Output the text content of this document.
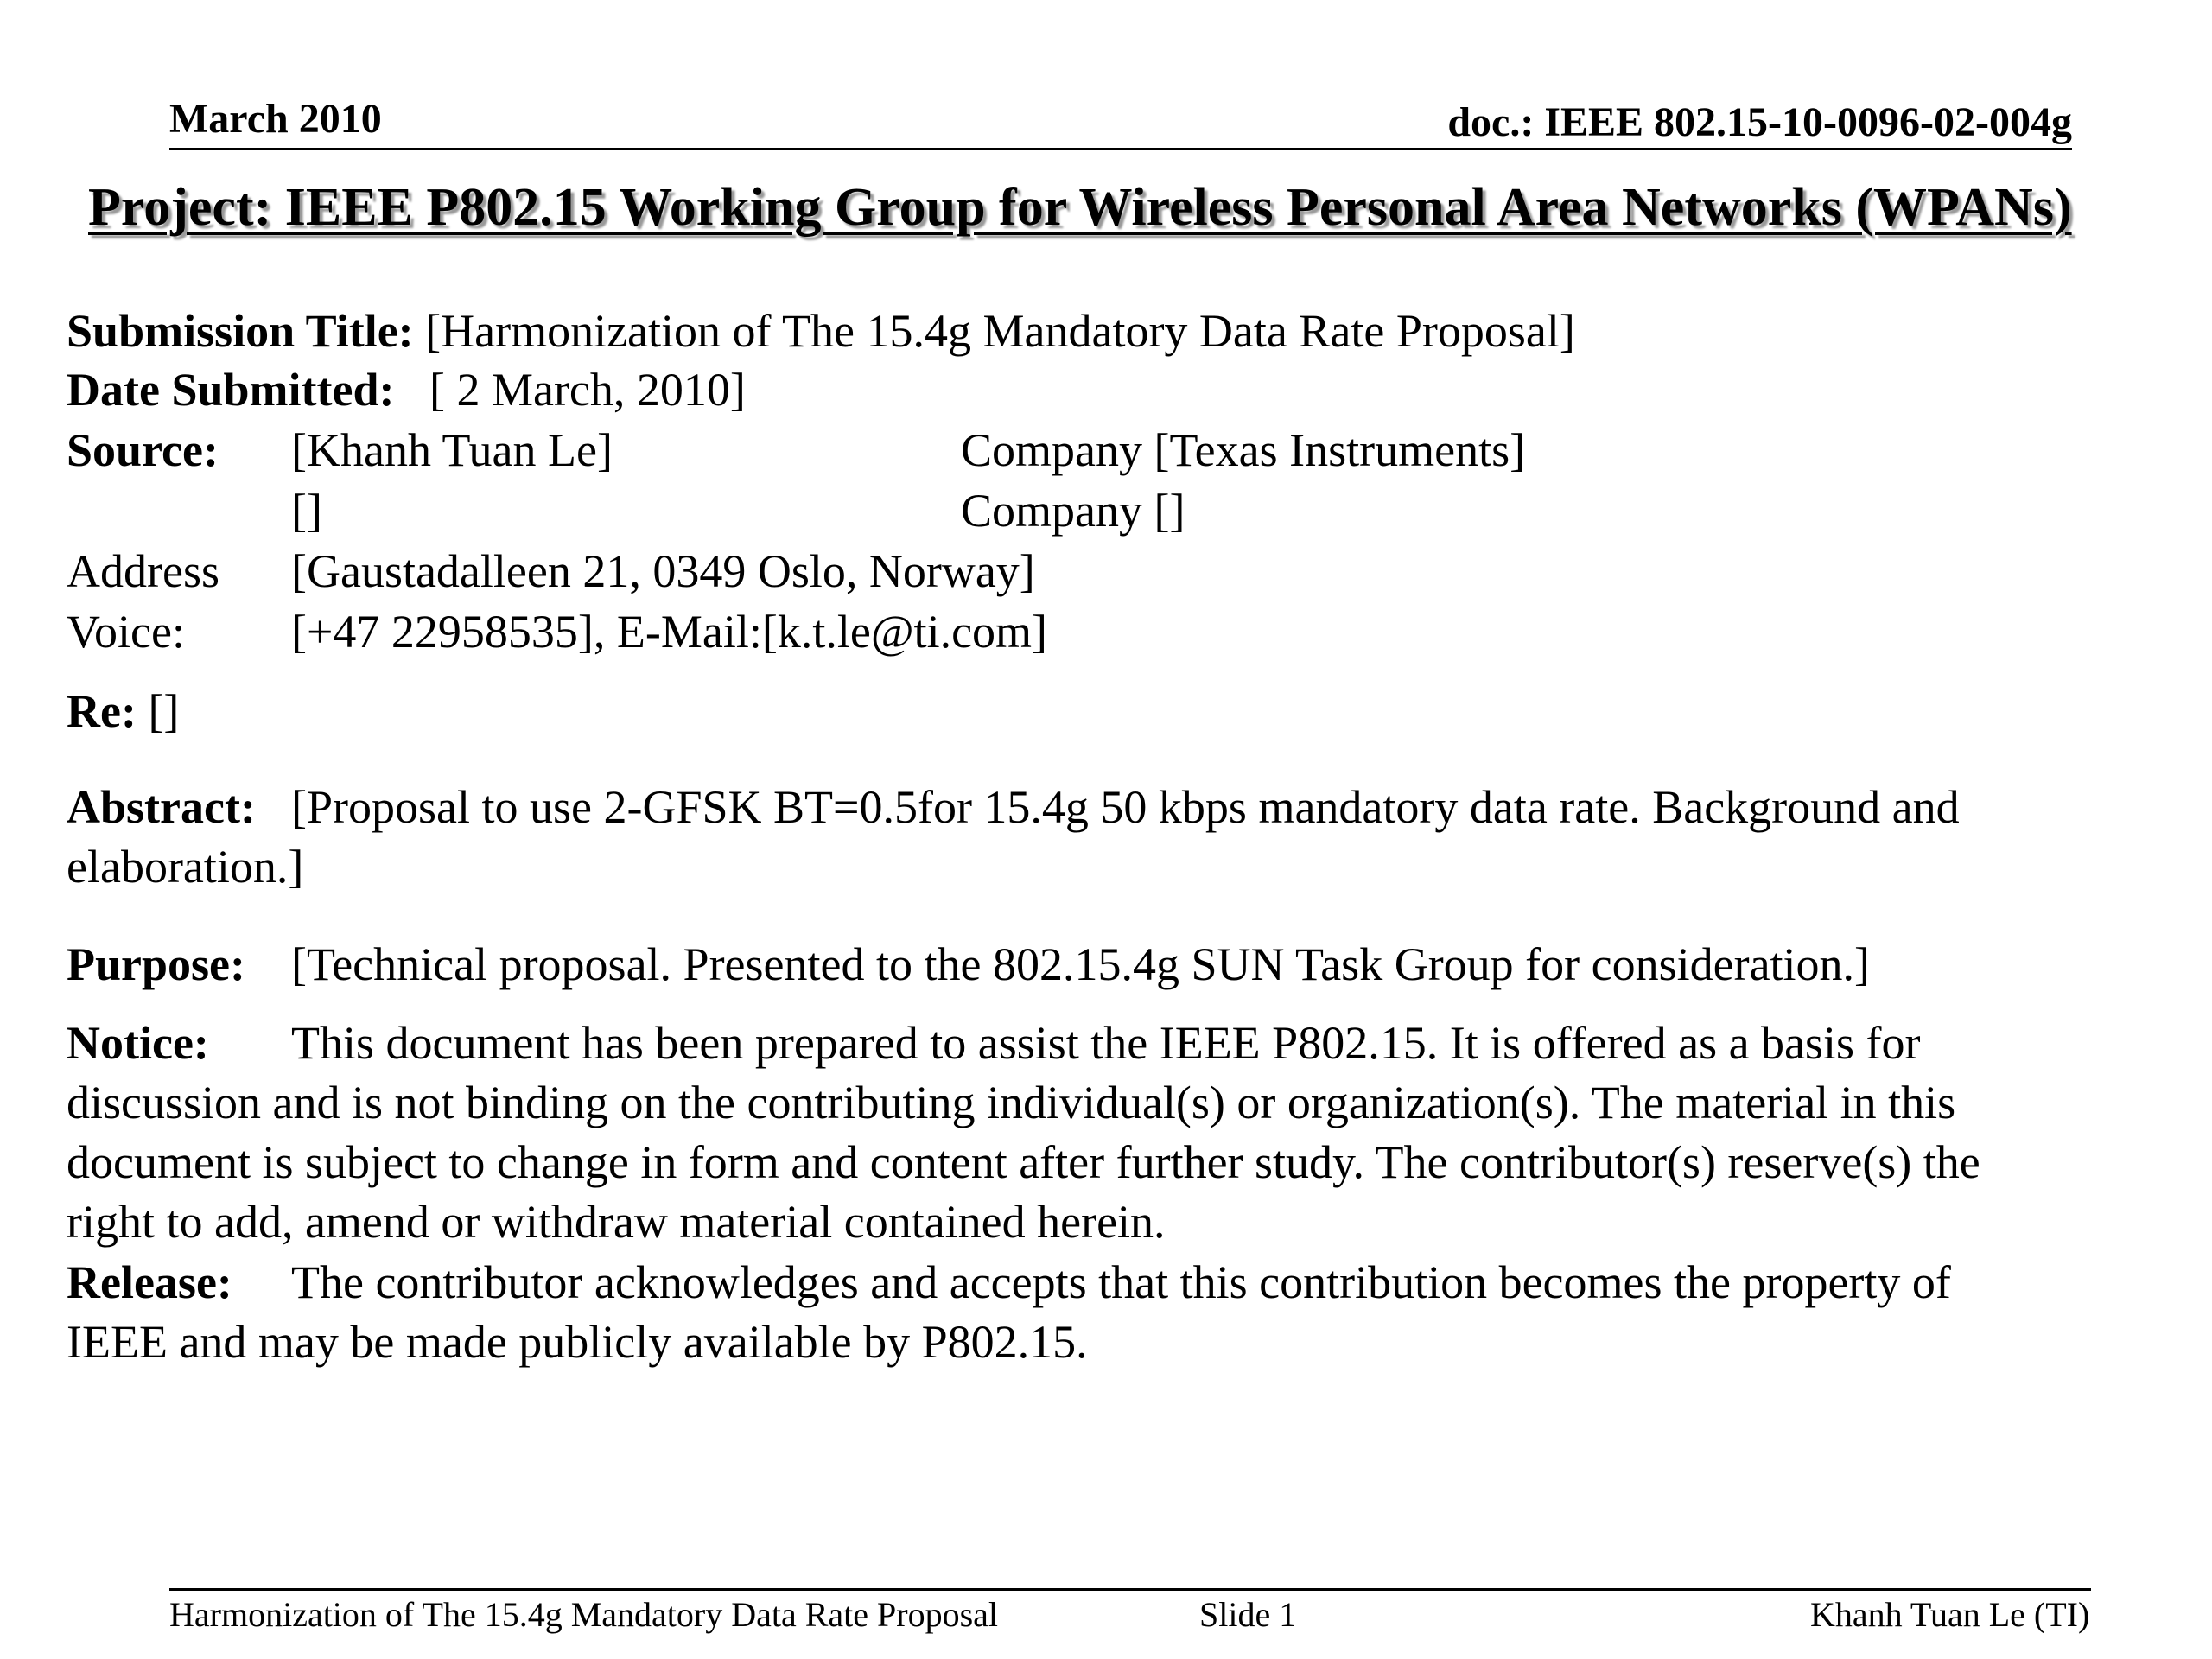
March 2010	doc.: IEEE 802.15-10-0096-02-004g
Project: IEEE P802.15 Working Group for Wireless Personal Area Networks (WPANs)
Submission Title: [Harmonization of The 15.4g Mandatory Data Rate Proposal]
Date Submitted: [ 2 March, 2010]
Source: [Khanh Tuan Le]	Company [Texas Instruments]
[]	Company []
Address [Gaustadalleen 21, 0349 Oslo, Norway]
Voice: [+47 22958535], E-Mail:[k.t.le@ti.com]
Re: []
Abstract: [Proposal to use 2-GFSK BT=0.5for 15.4g 50 kbps mandatory data rate. Background and
elaboration.]
Purpose: [Technical proposal. Presented to the 802.15.4g SUN Task Group for consideration.]
Notice: This document has been prepared to assist the IEEE P802.15. It is offered as a basis for
discussion and is not binding on the contributing individual(s) or organization(s). The material in this
document is subject to change in form and content after further study. The contributor(s) reserve(s) the
right to add, amend or withdraw material contained herein.
Release: The contributor acknowledges and accepts that this contribution becomes the property of
IEEE and may be made publicly available by P802.15.
Harmonization of The 15.4g Mandatory Data Rate Proposal	Slide 1	Khanh Tuan Le (TI)
